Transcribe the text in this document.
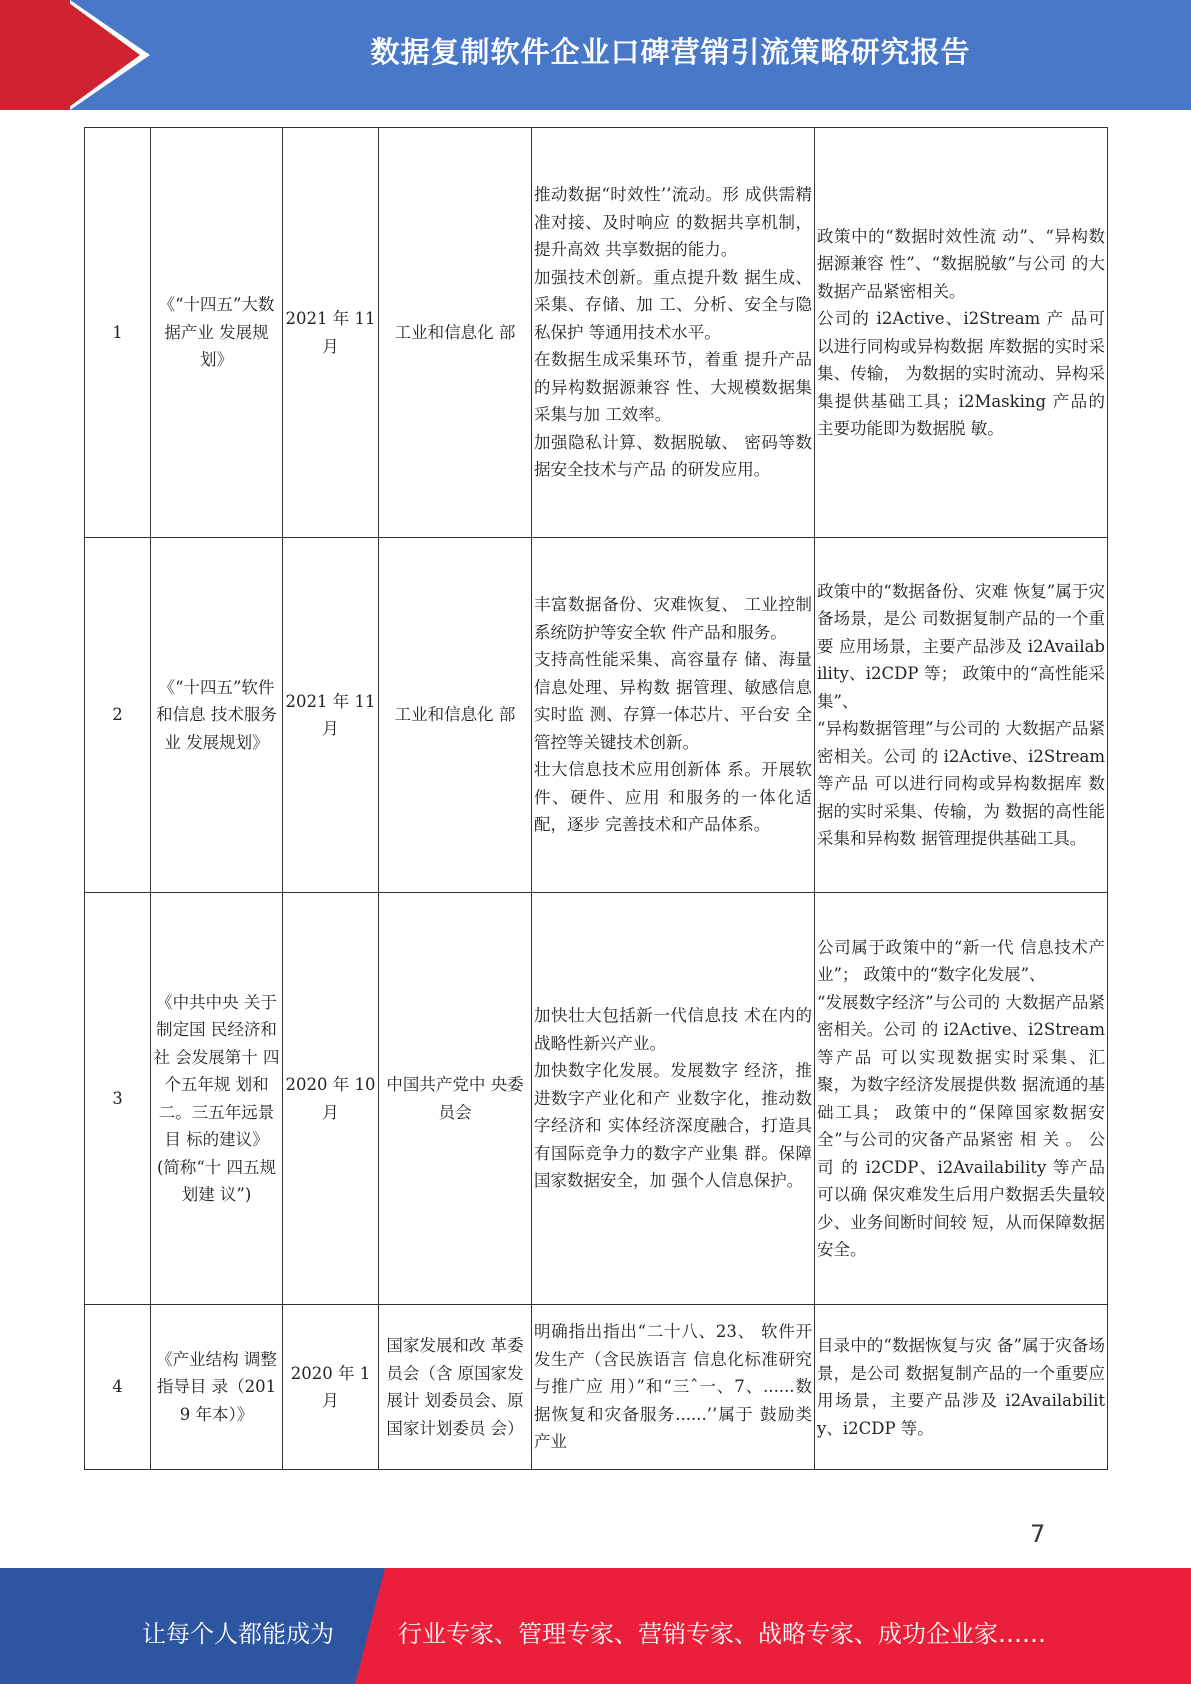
数据复制软件企业口碑营销引流策略研究报告
1	《“十四五”大数据产业 发展规划》	2021 年 11 月	工业和信息化 部	推动数据“时效性’’流动。形 成供需精准对接、及时响应 的数据共享机制，提升高效 共享数据的能力。
加强技术创新。重点提升数 据生成、采集、存储、加 工、分析、安全与隐私保护 等通用技术水平。
在数据生成采集环节，着重 提升产品的异构数据源兼容 性、大规模数据集采集与加 工效率。
加强隐私计算、数据脱敏、 密码等数据安全技术与产品 的研发应用。	政策中的“数据时效性流 动”、“异构数据源兼容 性”、“数据脱敏”与公司 的大数据产品紧密相关。
公司的 i2Active、i2Stream 产 品可以进行同构或异构数据 库数据的实时采集、传输， 为数据的实时流动、异构采 集提供基础工具；i2Masking 产品的主要功能即为数据脱 敏。

2	《“十四五”软件和信息 技术服务业 发展规划》	2021 年 11 月	工业和信息化 部	丰富数据备份、灾难恢复、 工业控制系统防护等安全软 件产品和服务。
支持高性能采集、高容量存 储、海量信息处理、异构数 据管理、敏感信息实时监 测、存算一体芯片、平台安 全管控等关键技术创新。
壮大信息技术应用创新体 系。开展软件、硬件、应用 和服务的一体化适配，逐步 完善技术和产品体系。	政策中的“数据备份、灾难 恢复”属于灾备场景，是公 司数据复制产品的一个重要 应用场景，主要产品涉及 i2Availability、i2CDP 等； 政策中的“高性能采集”、
“异构数据管理”与公司的 大数据产品紧密相关。公司 的 i2Active、i2Stream 等产品 可以进行同构或异构数据库 数据的实时采集、传输，为 数据的高性能采集和异构数 据管理提供基础工具。

3	《中共中央 关于制定国 民经济和社 会发展第十 四个五年规 划和二。三五年远景目 标的建议》 (简称“十 四五规划建 议”)	2020 年 10 月	中国共产党中 央委员会	加快壮大包括新一代信息技 术在内的战略性新兴产业。
加快数字化发展。发展数字 经济，推进数字产业化和产 业数字化，推动数字经济和 实体经济深度融合，打造具 有国际竞争力的数字产业集 群。保障国家数据安全，加 强个人信息保护。	公司属于政策中的“新一代 信息技术产业”； 政策中的“数字化发展”、
“发展数字经济”与公司的 大数据产品紧密相关。公司 的 i2Active、i2Stream 等产品 可以实现数据实时采集、汇 聚，为数字经济发展提供数 据流通的基础工具； 政策中的“保障国家数据安 全”与公司的灾备产品紧密 相 关 。 公 司 的 i2CDP、i2Availability 等产品可以确 保灾难发生后用户数据丢失量较少、业务间断时间较 短，从而保障数据安全。

4	《产业结构 调整指导目 录（2019 年本）》	2020 年 1 月	国家发展和改 革委员会（含 原国家发展计 划委员会、原 国家计划委员 会）	明确指出指出“二十八、23、 软件开发生产（含民族语言 信息化标准研究与推广应 用）”和“三ˆ一、7、......数 据恢复和灾备服务......’’属于 鼓励类产业	目录中的“数据恢复与灾 备”属于灾备场景，是公司 数据复制产品的一个重要应 用场景，主要产品涉及 i2Availability、i2CDP 等。
7
让每个人都能成为	行业专家、管理专家、营销专家、战略专家、成功企业家……
